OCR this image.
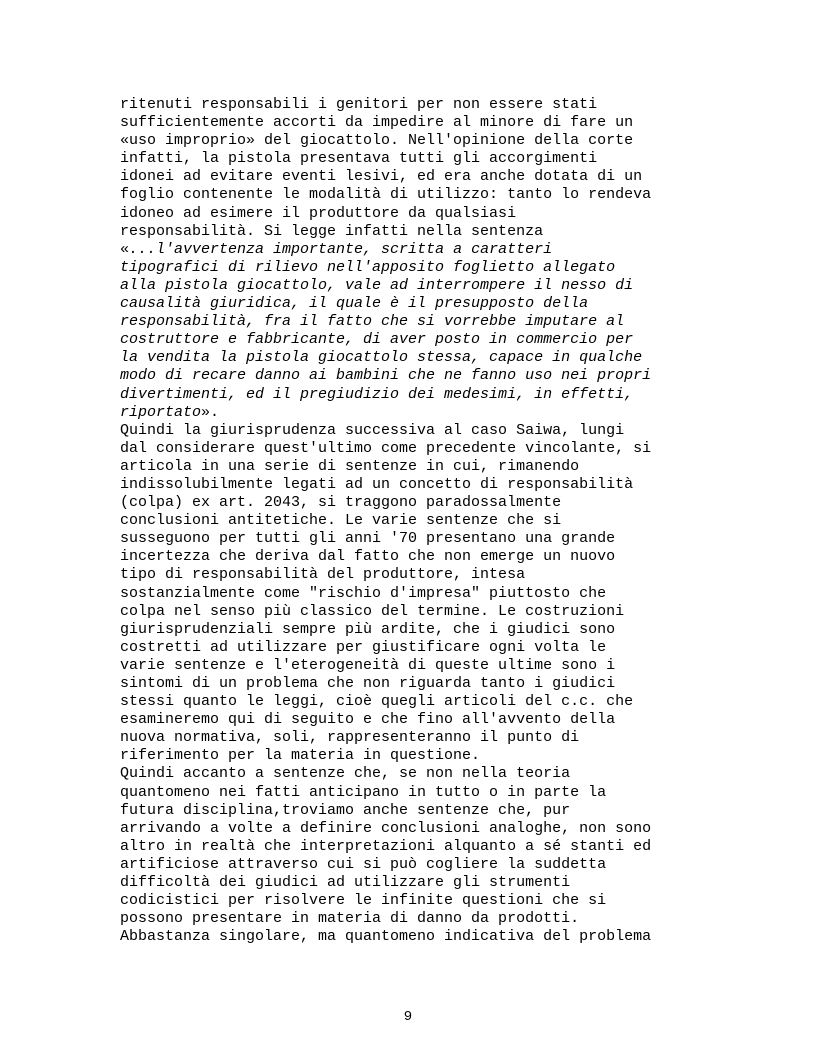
ritenuti responsabili i genitori per non essere stati
sufficientemente accorti da impedire al minore di fare un
«uso improprio» del giocattolo. Nell'opinione della corte
infatti, la pistola presentava tutti gli accorgimenti
idonei ad evitare eventi lesivi, ed era anche dotata di un
foglio contenente le modalità di utilizzo: tanto lo rendeva
idoneo ad esimere il produttore da qualsiasi
responsabilità. Si legge infatti nella sentenza
«...l'avvertenza importante, scritta a caratteri
tipografici di rilievo nell'apposito foglietto allegato
alla pistola giocattolo, vale ad interrompere il nesso di
causalità giuridica, il quale è il presupposto della
responsabilità, fra il fatto che si vorrebbe imputare al
costruttore e fabbricante, di aver posto in commercio per
la vendita la pistola giocattolo stessa, capace in qualche
modo di recare danno ai bambini che ne fanno uso nei propri
divertimenti, ed il pregiudizio dei medesimi, in effetti,
riportato».
Quindi la giurisprudenza successiva al caso Saiwa, lungi
dal considerare quest'ultimo come precedente vincolante, si
articola in una serie di sentenze in cui, rimanendo
indissolubilmente legati ad un concetto di responsabilità
(colpa) ex art. 2043, si traggono paradossalmente
conclusioni antitetiche. Le varie sentenze che si
susseguono per tutti gli anni '70 presentano una grande
incertezza che deriva dal fatto che non emerge un nuovo
tipo di responsabilità del produttore, intesa
sostanzialmente come "rischio d'impresa" piuttosto che
colpa nel senso più classico del termine. Le costruzioni
giurisprudenziali sempre più ardite, che i giudici sono
costretti ad utilizzare per giustificare ogni volta le
varie sentenze e l'eterogeneità di queste ultime sono i
sintomi di un problema che non riguarda tanto i giudici
stessi quanto le leggi, cioè quegli articoli del c.c. che
esamineremo qui di seguito e che fino all'avvento della
nuova normativa, soli, rappresenteranno il punto di
riferimento per la materia in questione.
Quindi accanto a sentenze che, se non nella teoria
quantomeno nei fatti anticipano in tutto o in parte la
futura disciplina,troviamo anche sentenze che, pur
arrivando a volte a definire conclusioni analoghe, non sono
altro in realtà che interpretazioni alquanto a sé stanti ed
artificiose attraverso cui si può cogliere la suddetta
difficoltà dei giudici ad utilizzare gli strumenti
codicistici per risolvere le infinite questioni che si
possono presentare in materia di danno da prodotti.
Abbastanza singolare, ma quantomeno indicativa del problema
9
